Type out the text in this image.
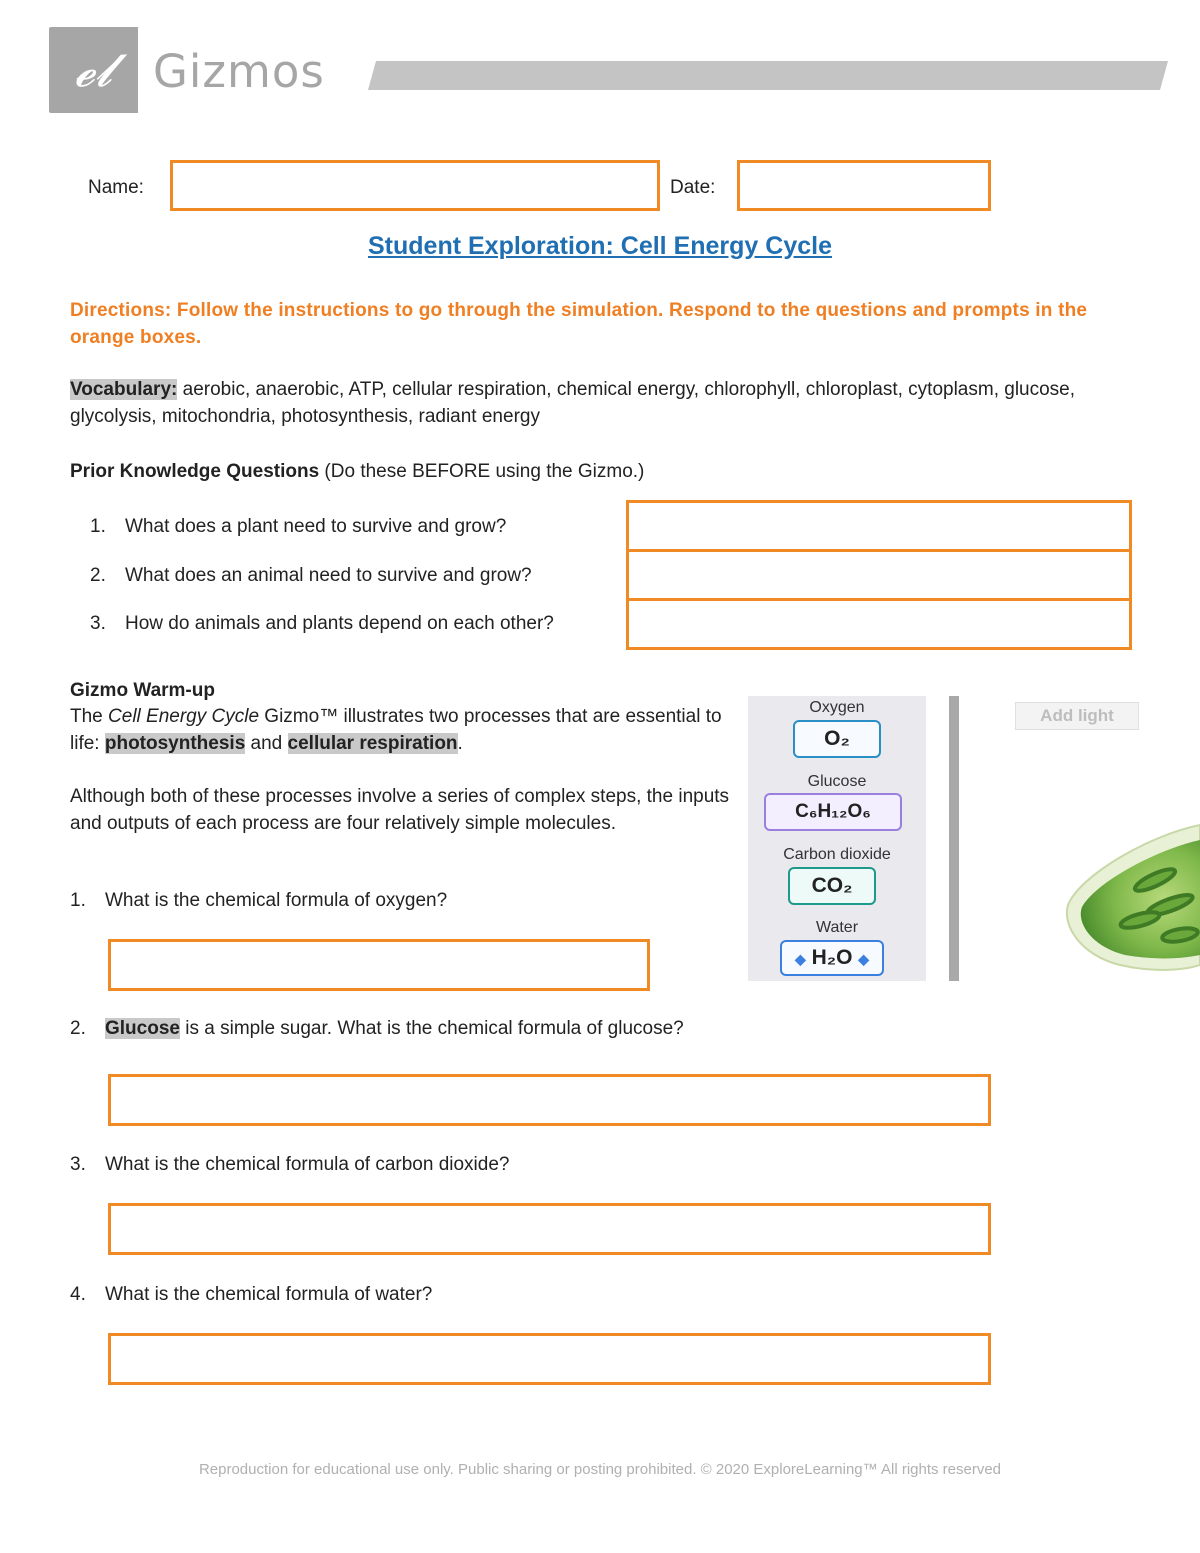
𝓮𝓵 Gizmos
Name:	Date:
Student Exploration: Cell Energy Cycle
Directions: Follow the instructions to go through the simulation. Respond to the questions and prompts in the orange boxes.
Vocabulary: aerobic, anaerobic, ATP, cellular respiration, chemical energy, chlorophyll, chloroplast, cytoplasm, glucose, glycolysis, mitochondria, photosynthesis, radiant energy
Prior Knowledge Questions (Do these BEFORE using the Gizmo.)
1. What does a plant need to survive and grow?
2. What does an animal need to survive and grow?
3. How do animals and plants depend on each other?
Gizmo Warm-up
The Cell Energy Cycle Gizmo™ illustrates two processes that are essential to life: photosynthesis and cellular respiration.
Although both of these processes involve a series of complex steps, the inputs and outputs of each process are four relatively simple molecules.
1. What is the chemical formula of oxygen?
2. Glucose is a simple sugar. What is the chemical formula of glucose?
3. What is the chemical formula of carbon dioxide?
4. What is the chemical formula of water?
Oxygen
O₂
Glucose
C₆H₁₂O₆
Carbon dioxide
CO₂
Water
◆ H₂O ◆
Add light
Reproduction for educational use only. Public sharing or posting prohibited. © 2020 ExploreLearning™ All rights reserved
